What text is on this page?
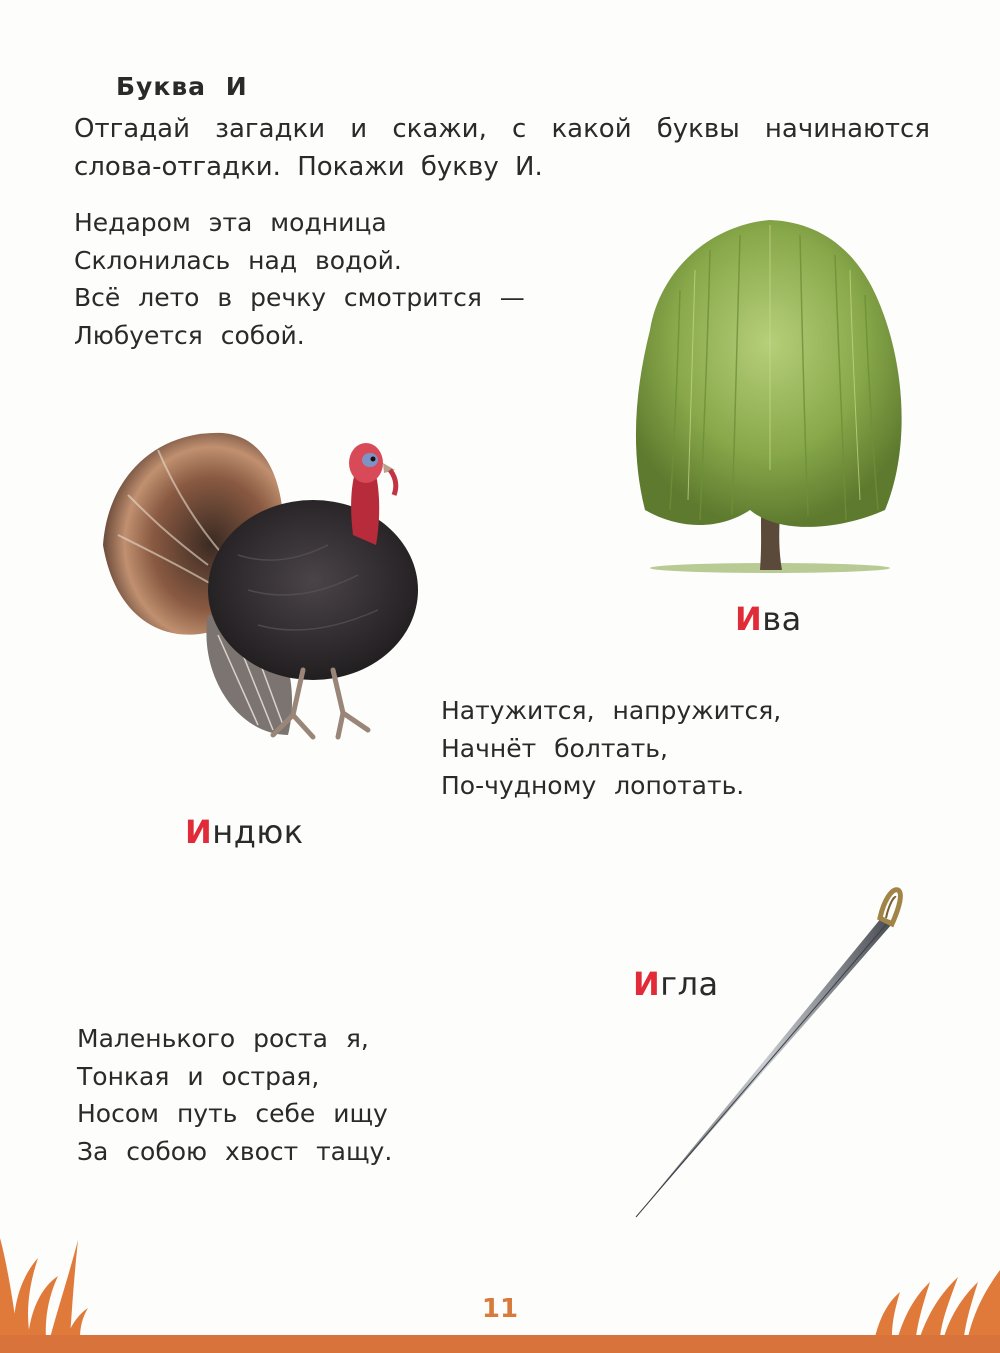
Буква И
Отгадай загадки и скажи, с какой буквы начинаются
слова-отгадки. Покажи букву И.
Недаром эта модница
Склонилась над водой.
Всё лето в речку смотрится —
Любуется собой.
Ива
Индюк
Натужится, напружится,
Начнёт болтать,
По-чудному лопотать.
Игла
Маленького роста я,
Тонкая и острая,
Носом путь себе ищу
За собою хвост тащу.
11
